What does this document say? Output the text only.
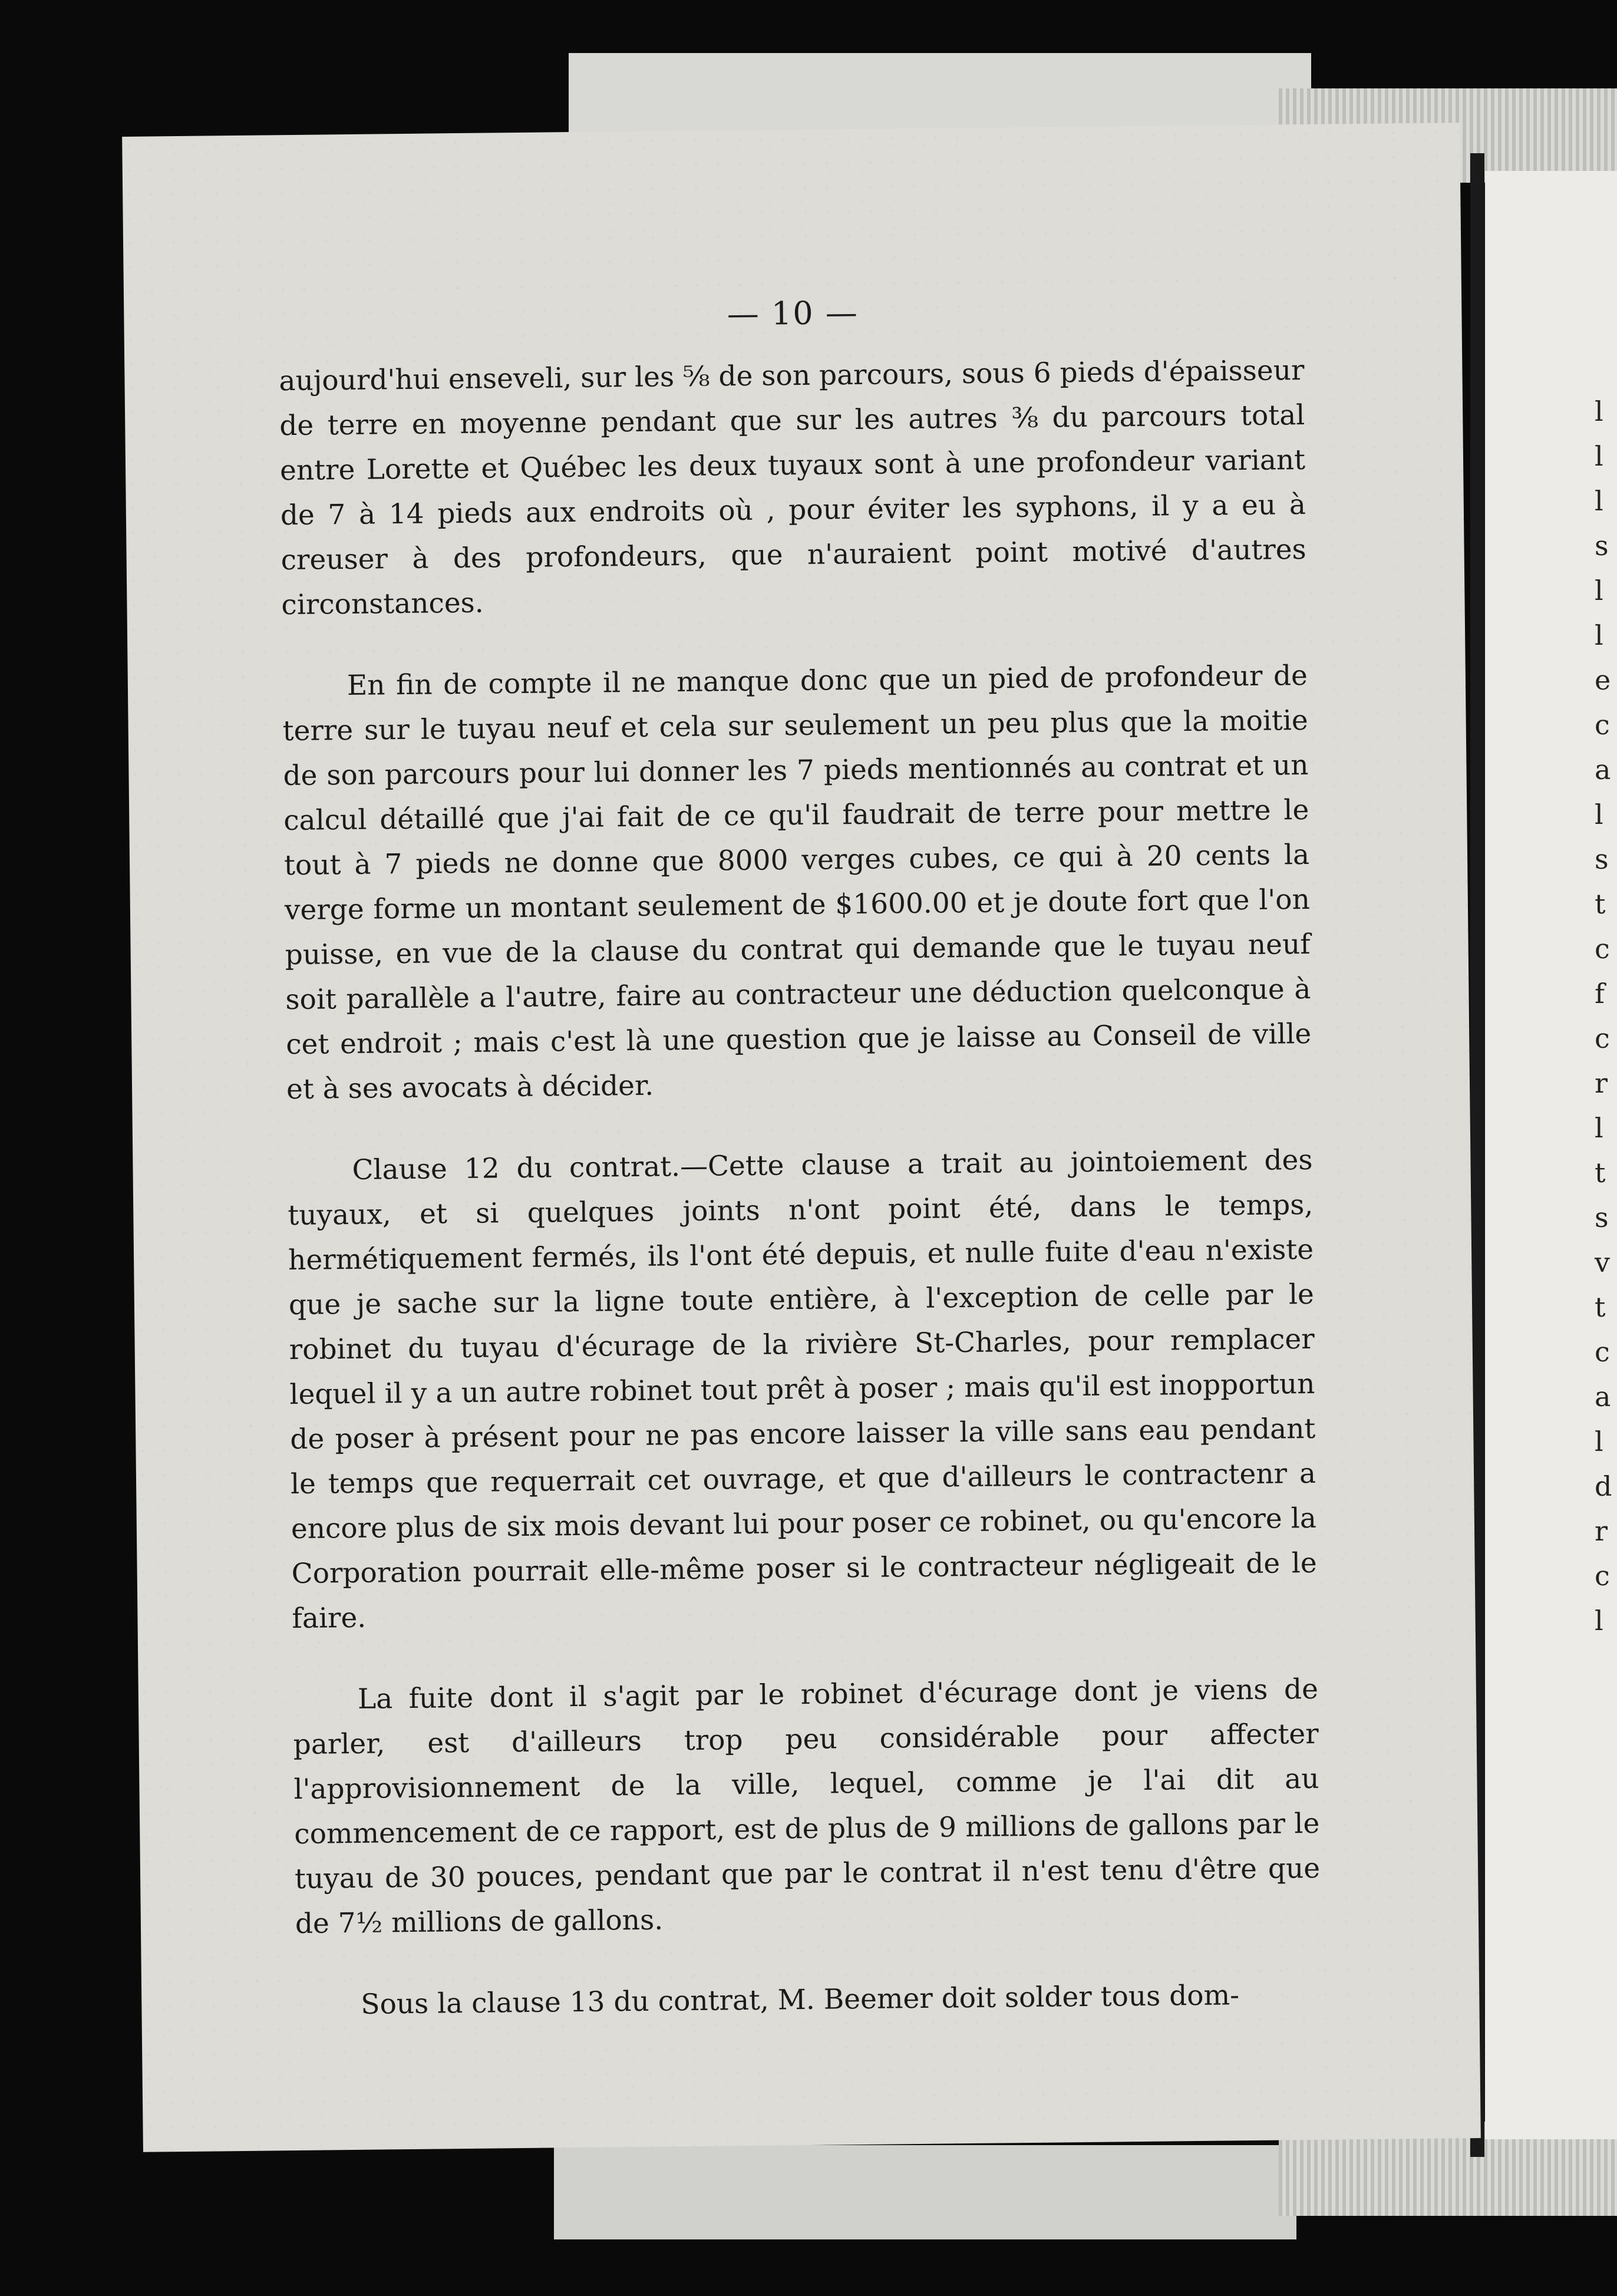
— 10 —

aujourd'hui enseveli, sur les ⅝ de son parcours, sous 6 pieds d'épaisseur de terre en moyenne pendant que sur les autres ⅜ du parcours total entre Lorette et Québec les deux tuyaux sont à une profondeur variant de 7 à 14 pieds aux endroits où , pour éviter les syphons, il y a eu à creuser à des profondeurs, que n'auraient point motivé d'autres circonstances.

En fin de compte il ne manque donc que un pied de profondeur de terre sur le tuyau neuf et cela sur seulement un peu plus que la moitie de son parcours pour lui donner les 7 pieds mentionnés au contrat et un calcul détaillé que j'ai fait de ce qu'il faudrait de terre pour mettre le tout à 7 pieds ne donne que 8000 verges cubes, ce qui à 20 cents la verge forme un montant seulement de $1600.00 et je doute fort que l'on puisse, en vue de la clause du contrat qui demande que le tuyau neuf soit parallèle a l'autre, faire au contracteur une déduction quelconque à cet endroit ; mais c'est là une question que je laisse au Conseil de ville et à ses avocats à décider.

Clause 12 du contrat.—Cette clause a trait au jointoiement des tuyaux, et si quelques joints n'ont point été, dans le temps, hermétiquement fermés, ils l'ont été depuis, et nulle fuite d'eau n'existe que je sache sur la ligne toute entière, à l'exception de celle par le robinet du tuyau d'écurage de la rivière St-Charles, pour remplacer lequel il y a un autre robinet tout prêt à poser ; mais qu'il est inopportun de poser à présent pour ne pas encore laisser la ville sans eau pendant le temps que requerrait cet ouvrage, et que d'ailleurs le contractenr a encore plus de six mois devant lui pour poser ce robinet, ou qu'encore la Corporation pourrait elle-même poser si le contracteur négligeait de le faire.

La fuite dont il s'agit par le robinet d'écurage dont je viens de parler, est d'ailleurs trop peu considérable pour affecter l'approvisionnement de la ville, lequel, comme je l'ai dit au commencement de ce rapport, est de plus de 9 millions de gallons par le tuyau de 30 pouces, pendant que par le contrat il n'est tenu d'être que de 7½ millions de gallons.

Sous la clause 13 du contrat, M. Beemer doit solder tous dom-

l
l
l
s
l
l
e
c
a
l
s
t
c
f
c
r
l
t
s
v
t
c
a
l
d
r
c
l
